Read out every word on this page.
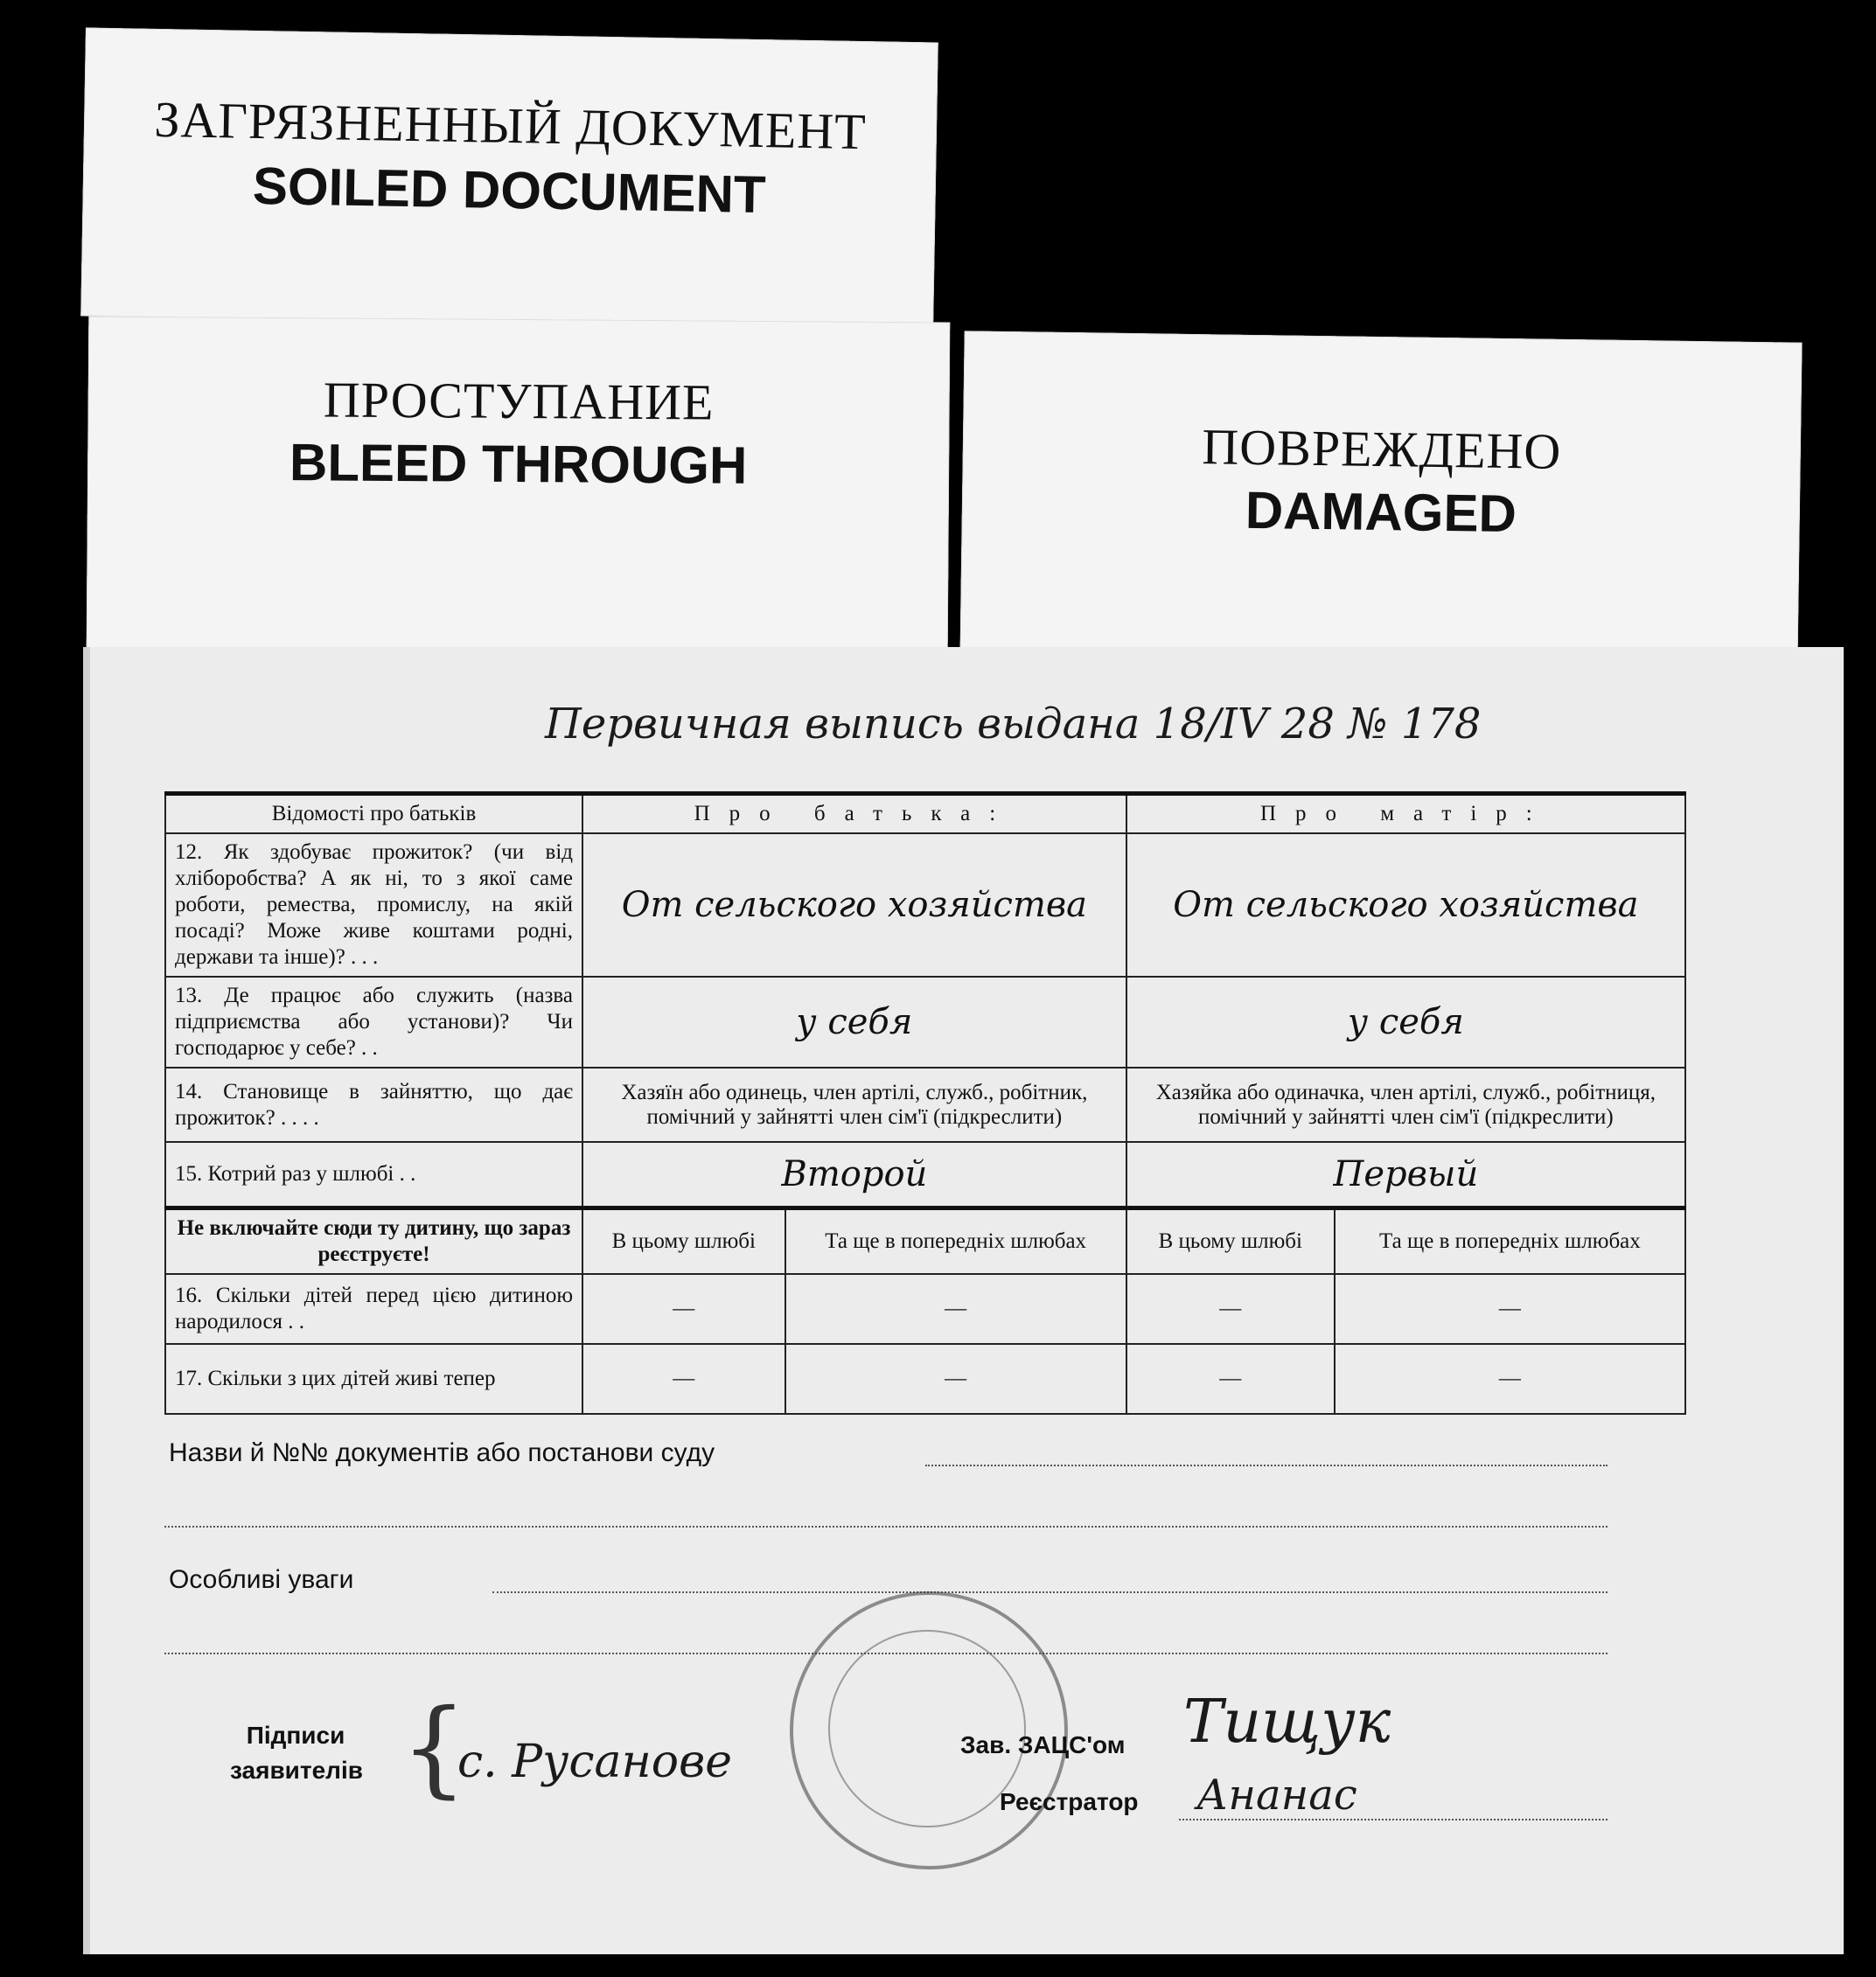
ЗАГРЯЗНЕННЫЙ ДОКУМЕНТ
SOILED DOCUMENT
ПРОСТУПАНИЕ
BLEED THROUGH	ПОВРЕЖДЕНО
DAMAGED
Первичная выпись выдана 18/IV 28 № 178
Відомості про батьків	Про батька:		Про матір:	
12. Як здобуває прожиток? (чи від хліборобства? А як ні, то з якої саме роботи, ремества, промислу, на якій посаді? Може живе коштами родні, держави та інше)? . . .	От сельского хозяйства		От сельского хозяйства	

13. Де працює або служить (назва підприємства або установи)? Чи господарює у себе? . .	у себя		у себя	

14. Становище в зайняттю, що дає прожиток? . . . .	Хазяїн або одинець, член артілі, служб., робітник, помічний у зайнятті член сім'ї (підкреслити)		Хазяйка або одиначка, член артілі, служб., робітниця, помічний у зайнятті член сім'ї (підкреслити)	
15. Котрий раз у шлюбі . .	Второй		Первый	

Не включайте сюди ту дитину, що зараз реєструєте!	В цьому шлюбі	Та ще в попередніх шлюбах	В цьому шлюбі	Та ще в попередніх шлюбах
16. Скільки дітей перед цією дитиною народилося . .	—	—	—	—
17. Скільки з цих дітей живі тепер	—	—	—	—
Назви й №№ документів або постанови суду
Особливі уваги
Підписи заявителів {
с. Русанове	Зав. ЗАЦС'ом Тищук
Реєстратор Ананас
